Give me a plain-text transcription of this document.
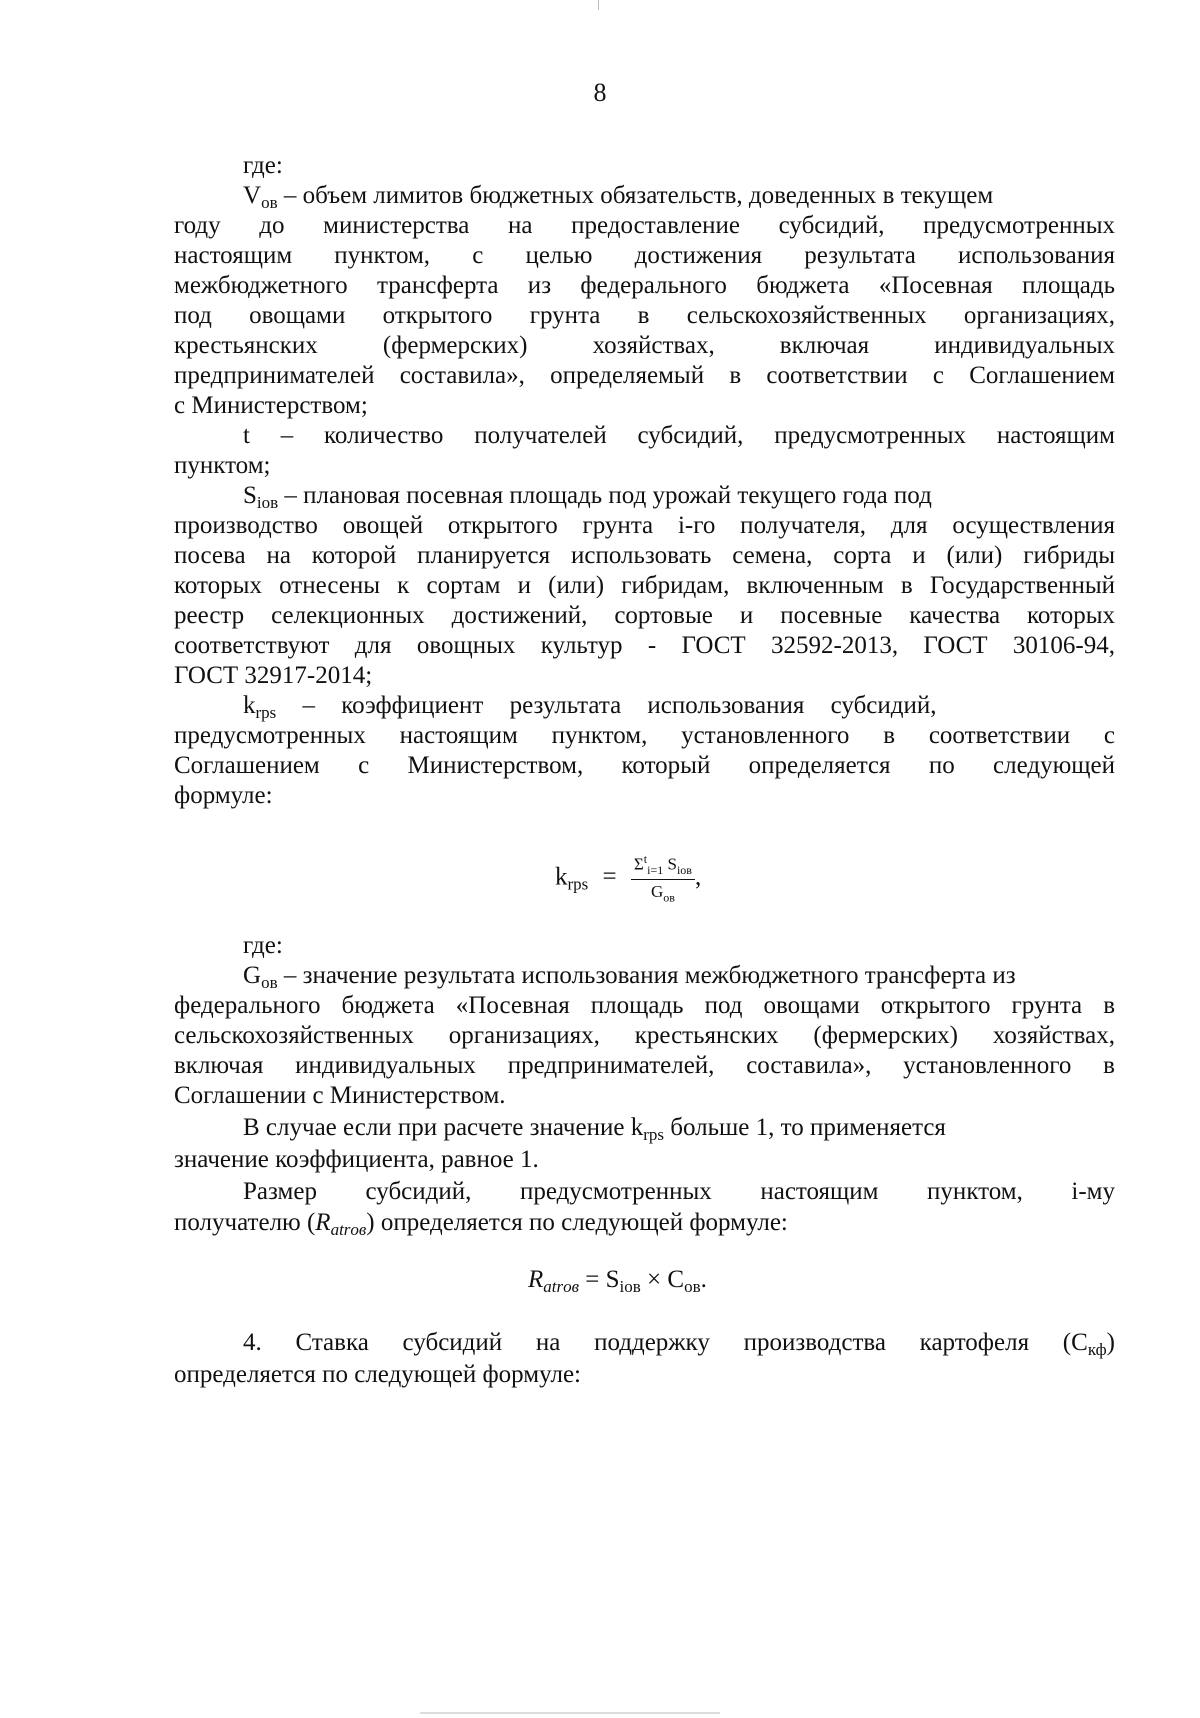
8
где:
$V_{ов}$ – объем лимитов бюджетных обязательств, доведенных в текущем
году до министерства на предоставление субсидий, предусмотренных
настоящим пунктом, с целью достижения результата использования
межбюджетного трансферта из федерального бюджета «Посевная площадь
под овощами открытого грунта в сельскохозяйственных организациях,
крестьянских (фермерских) хозяйствах, включая индивидуальных
предпринимателей составила», определяемый в соответствии с Соглашением
с Министерством;
t – количество получателей субсидий, предусмотренных настоящим
пунктом;
$S_{iов}$ – плановая посевная площадь под урожай текущего года под
производство овощей открытого грунта i-го получателя, для осуществления
посева на которой планируется использовать семена, сорта и (или) гибриды
которых отнесены к сортам и (или) гибридам, включенным в Государственный
реестр селекционных достижений, сортовые и посевные качества которых
соответствуют для овощных культур - ГОСТ 32592-2013, ГОСТ 30106-94,
ГОСТ 32917-2014;
$k_{rps}$ – коэффициент результата использования субсидий,
предусмотренных настоящим пунктом, установленного в соответствии с
Соглашением с Министерством, который определяется по следующей
формуле:
$k_{rps} = \frac{\Sigma^t_{i=1} S_{iов}}{G_{ов}}$ ,
где:
$G_{ов}$ – значение результата использования межбюджетного трансферта из
федерального бюджета «Посевная площадь под овощами открытого грунта в
сельскохозяйственных организациях, крестьянских (фермерских) хозяйствах,
включая индивидуальных предпринимателей, составила», установленного в
Соглашении с Министерством.
В случае если при расчете значение $k_{rps}$ больше 1, то применяется
значение коэффициента, равное 1.
Размер субсидий, предусмотренных настоящим пунктом, i-му
получателю $(R_{atrов})$ определяется по следующей формуле:
$R_{atrов} = S_{iов} \times C_{ов}$.
4. Ставка субсидий на поддержку производства картофеля $(С_{кф})$
определяется по следующей формуле:
